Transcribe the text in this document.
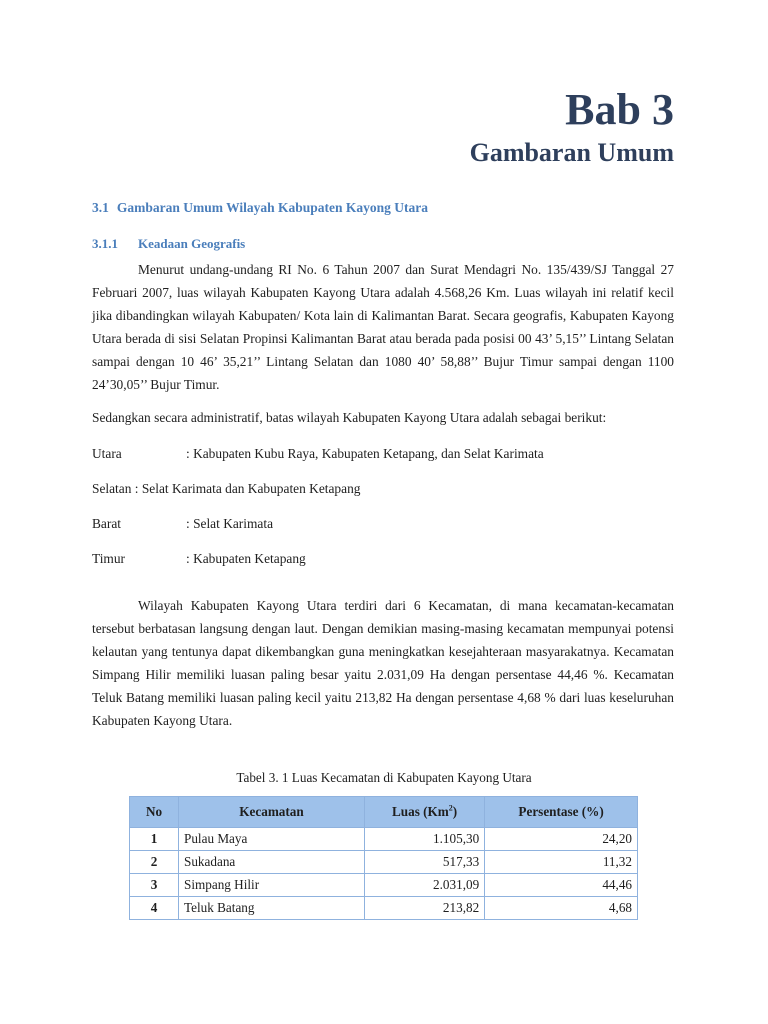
Bab 3
Gambaran Umum
3.1 Gambaran Umum Wilayah Kabupaten Kayong Utara
3.1.1 Keadaan Geografis

Menurut undang-undang RI No. 6 Tahun 2007 dan Surat Mendagri No. 135/439/SJ Tanggal 27 Februari 2007, luas wilayah Kabupaten Kayong Utara adalah 4.568,26 Km. Luas wilayah ini relatif kecil jika dibandingkan wilayah Kabupaten/ Kota lain di Kalimantan Barat. Secara geografis, Kabupaten Kayong Utara berada di sisi Selatan Propinsi Kalimantan Barat atau berada pada posisi 00 43’ 5,15’’ Lintang Selatan sampai dengan 10 46’ 35,21’’ Lintang Selatan dan 1080 40’ 58,88’’ Bujur Timur sampai dengan 1100 24’30,05’’ Bujur Timur.

Sedangkan secara administratif, batas wilayah Kabupaten Kayong Utara adalah sebagai berikut:

Utara	: Kabupaten Kubu Raya, Kabupaten Ketapang, dan Selat Karimata
Selatan : Selat Karimata dan Kabupaten Ketapang
Barat	: Selat Karimata
Timur	: Kabupaten Ketapang

Wilayah Kabupaten Kayong Utara terdiri dari 6 Kecamatan, di mana kecamatan-kecamatan tersebut berbatasan langsung dengan laut. Dengan demikian masing-masing kecamatan mempunyai potensi kelautan yang tentunya dapat dikembangkan guna meningkatkan kesejahteraan masyarakatnya. Kecamatan Simpang Hilir memiliki luasan paling besar yaitu 2.031,09 Ha dengan persentase 44,46 %. Kecamatan Teluk Batang memiliki luasan paling kecil yaitu 213,82 Ha dengan persentase 4,68 % dari luas keseluruhan Kabupaten Kayong Utara.

Tabel 3. 1 Luas Kecamatan di Kabupaten Kayong Utara
No	Kecamatan	Luas (Km$^2$)	Persentase (%)
1	Pulau Maya	1.105,30	24,20
2	Sukadana	517,33	11,32
3	Simpang Hilir	2.031,09	44,46
4	Teluk Batang	213,82	4,68
